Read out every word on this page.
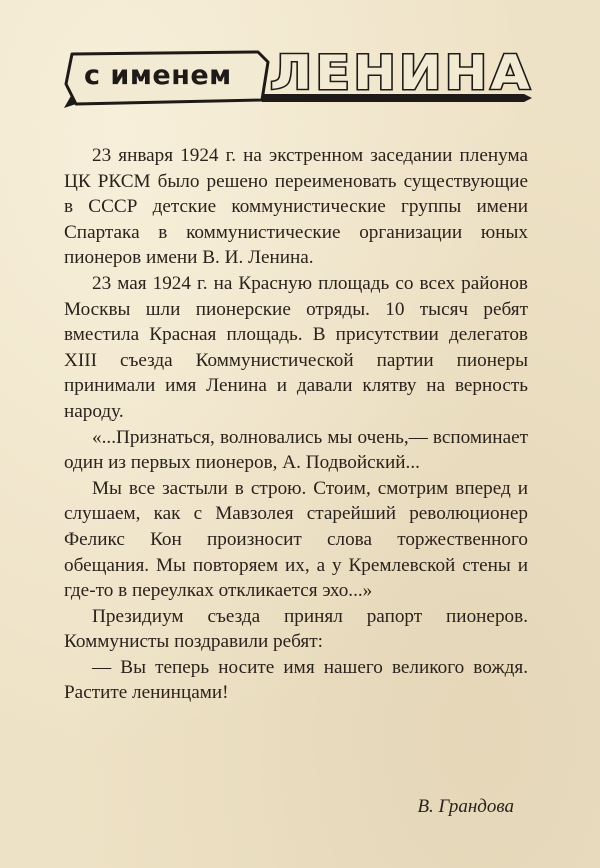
с именем ЛЕНИНА

23 января 1924 г. на экстренном заседании пленума ЦК РКСМ было решено переименовать существующие в СССР детские коммунистические группы имени Спартака в коммунистические организации юных пионеров имени В. И. Ленина.

23 мая 1924 г. на Красную площадь со всех районов Москвы шли пионерские отряды. 10 тысяч ребят вместила Красная площадь. В присутствии делегатов XIII съезда Коммунистической партии пионеры принимали имя Ленина и давали клятву на верность народу.

«...Признаться, волновались мы очень,— вспоминает один из первых пионеров, А. Подвойский...

Мы все застыли в строю. Стоим, смотрим вперед и слушаем, как с Мавзолея старейший революционер Феликс Кон произносит слова торжественного обещания. Мы повторяем их, а у Кремлевской стены и где-то в переулках откликается эхо...»

Президиум съезда принял рапорт пионеров. Коммунисты поздравили ребят:

— Вы теперь носите имя нашего великого вождя. Растите ленинцами!

В. Грандова
